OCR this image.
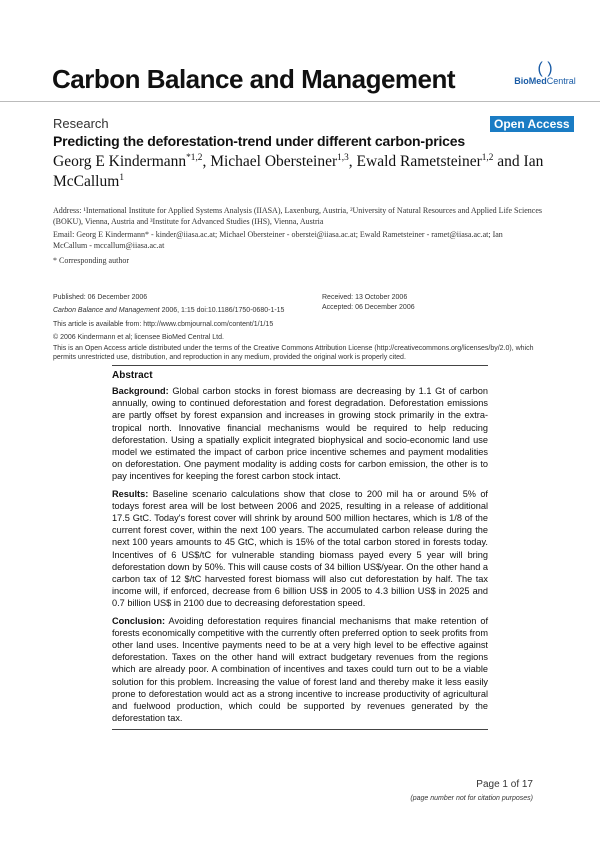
Carbon Balance and Management	( )
BioMedCentral
Research	Open Access
Predicting the deforestation-trend under different carbon-prices
Georg E Kindermann$^{*1,2}$, Michael Obersteiner$^{1,3}$, Ewald Rametsteiner$^{1,2}$ and Ian McCallum$^1$
Address: ¹International Institute for Applied Systems Analysis (IIASA), Laxenburg, Austria, ²University of Natural Resources and Applied Life Sciences (BOKU), Vienna, Austria and ³Institute for Advanced Studies (IHS), Vienna, Austria
Email: Georg E Kindermann* - kinder@iiasa.ac.at; Michael Obersteiner - oberstei@iiasa.ac.at; Ewald Rametsteiner - ramet@iiasa.ac.at; Ian McCallum - mccallum@iiasa.ac.at
* Corresponding author
Published: 06 December 2006
Carbon Balance and Management 2006, 1:15 doi:10.1186/1750-0680-1-15
This article is available from: http://www.cbmjournal.com/content/1/1/15
Received: 13 October 2006
Accepted: 06 December 2006
© 2006 Kindermann et al; licensee BioMed Central Ltd.
This is an Open Access article distributed under the terms of the Creative Commons Attribution License (http://creativecommons.org/licenses/by/2.0), which permits unrestricted use, distribution, and reproduction in any medium, provided the original work is properly cited.
Abstract

Background: Global carbon stocks in forest biomass are decreasing by 1.1 Gt of carbon annually, owing to continued deforestation and forest degradation. Deforestation emissions are partly offset by forest expansion and increases in growing stock primarily in the extra-tropical north. Innovative financial mechanisms would be required to help reducing deforestation. Using a spatially explicit integrated biophysical and socio-economic land use model we estimated the impact of carbon price incentive schemes and payment modalities on deforestation. One payment modality is adding costs for carbon emission, the other is to pay incentives for keeping the forest carbon stock intact.

Results: Baseline scenario calculations show that close to 200 mil ha or around 5% of todays forest area will be lost between 2006 and 2025, resulting in a release of additional 17.5 GtC. Today's forest cover will shrink by around 500 million hectares, which is 1/8 of the current forest cover, within the next 100 years. The accumulated carbon release during the next 100 years amounts to 45 GtC, which is 15% of the total carbon stored in forests today. Incentives of 6 US$/tC for vulnerable standing biomass payed every 5 year will bring deforestation down by 50%. This will cause costs of 34 billion US$/year. On the other hand a carbon tax of 12 $/tC harvested forest biomass will also cut deforestation by half. The tax income will, if enforced, decrease from 6 billion US$ in 2005 to 4.3 billion US$ in 2025 and 0.7 billion US$ in 2100 due to decreasing deforestation speed.

Conclusion: Avoiding deforestation requires financial mechanisms that make retention of forests economically competitive with the currently often preferred option to seek profits from other land uses. Incentive payments need to be at a very high level to be effective against deforestation. Taxes on the other hand will extract budgetary revenues from the regions which are already poor. A combination of incentives and taxes could turn out to be a viable solution for this problem. Increasing the value of forest land and thereby make it less easily prone to deforestation would act as a strong incentive to increase productivity of agricultural and fuelwood production, which could be supported by revenues generated by the deforestation tax.

Page 1 of 17
(page number not for citation purposes)
